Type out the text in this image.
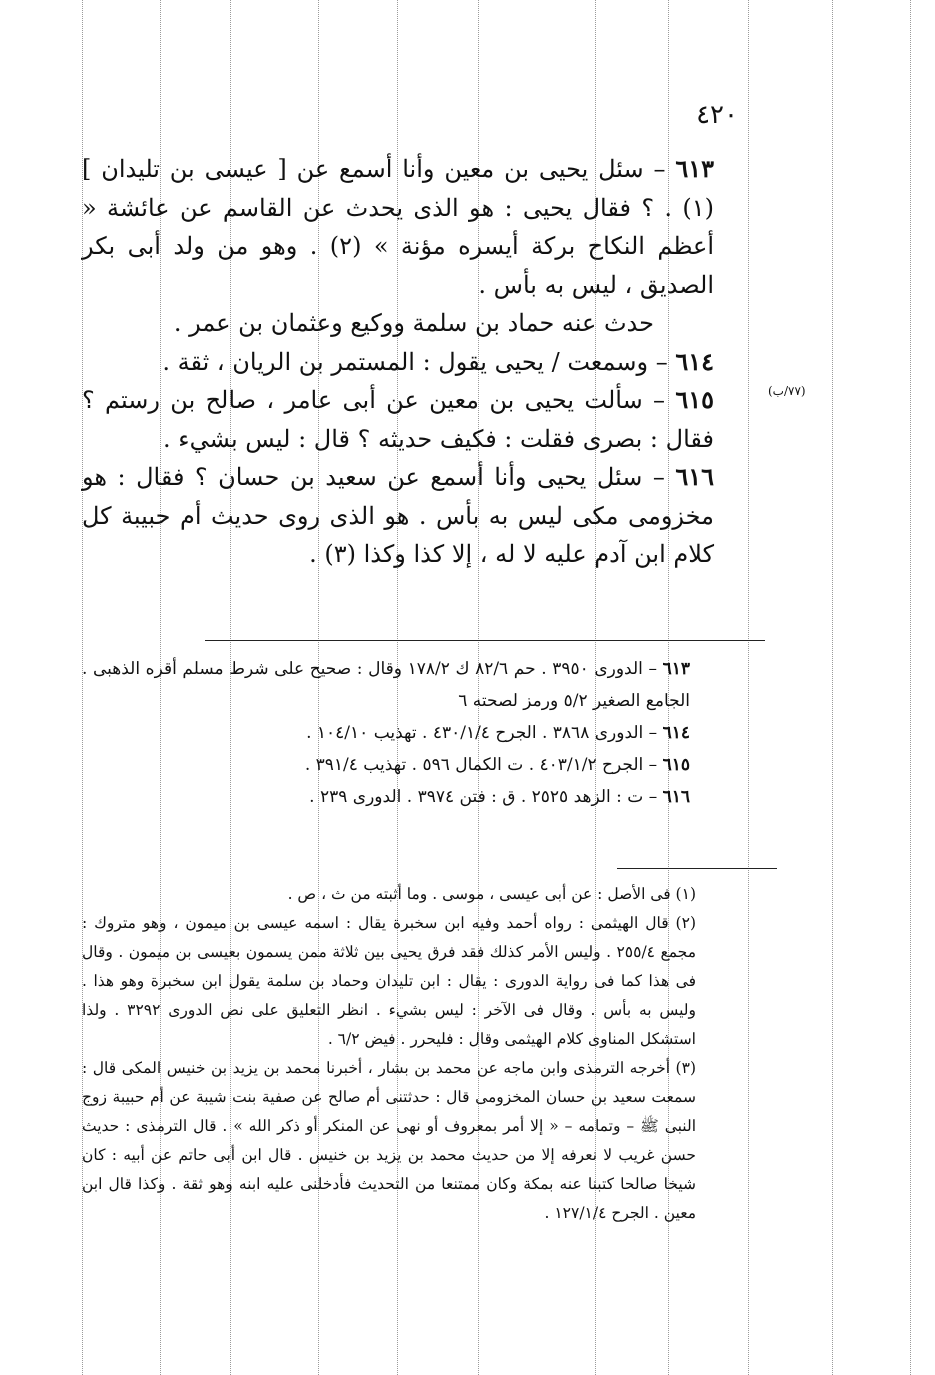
٤٢٠
(٧٧/ب)

٦١٣ – سئل يحيى بن معين وأنا أسمع عن [ عيسى بن تليدان ] (١) . ؟ فقال يحيى : هو الذى يحدث عن القاسم عن عائشة « أعظم النكاح بركة أيسره مؤنة » (٢) . وهو من ولد أبى بكر الصديق ، ليس به بأس .

حدث عنه حماد بن سلمة ووكيع وعثمان بن عمر .

٦١٤ – وسمعت / يحيى يقول : المستمر بن الريان ، ثقة .

٦١٥ – سألت يحيى بن معين عن أبى عامر ، صالح بن رستم ؟ فقال : بصرى فقلت : فكيف حديثه ؟ قال : ليس بشيء .

٦١٦ – سئل يحيى وأنا أسمع عن سعيد بن حسان ؟ فقال : هو مخزومى مكى ليس به بأس . هو الذى روى حديث أم حبيبة كل كلام ابن آدم عليه لا له ، إلا كذا وكذا (٣) .

٦١٣ – الدورى ٣٩٥٠ . حم ٨٢/٦ ك ١٧٨/٢ وقال : صحيح على شرط مسلم أقره الذهبى . الجامع الصغير ٥/٢ ورمز لصحته ٦

٦١٤ – الدورى ٣٨٦٨ . الجرح ٤٣٠/١/٤ . تهذيب ١٠٤/١٠ .

٦١٥ – الجرح ٤٠٣/١/٢ . ت الكمال ٥٩٦ . تهذيب ٣٩١/٤ .

٦١٦ – ت : الزهد ٢٥٢٥ . ق : فتن ٣٩٧٤ . الدورى ٢٣٩ .

(١) فى الأصل : عن أبى عيسى ، موسى . وما أثبته من ث ، ص .

(٢) قال الهيثمى : رواه أحمد وفيه ابن سخبرة يقال : اسمه عيسى بن ميمون ، وهو متروك : مجمع ٢٥٥/٤ . وليس الأمر كذلك فقد فرق يحيى بين ثلاثة ممن يسمون بعيسى بن ميمون . وقال فى هذا كما فى رواية الدورى : يقال : ابن تليدان وحماد بن سلمة يقول ابن سخبرة وهو هذا . وليس به بأس . وقال فى الآخر : ليس بشيء . انظر التعليق على نص الدورى ٣٢٩٢ . ولذا استشكل المناوى كلام الهيثمى وقال : فليحرر . فيض ٦/٢ .

(٣) أخرجه الترمذى وابن ماجه عن محمد بن بشار ، أخبرنا محمد بن يزيد بن خنيس المكى قال : سمعت سعيد بن حسان المخزومى قال : حدثتنى أم صالح عن صفية بنت شيبة عن أم حبيبة زوج النبى ﷺ – وتمامه – « إلا أمر بمعروف أو نهى عن المنكر أو ذكر الله » . قال الترمذى : حديث حسن غريب لا نعرفه إلا من حديث محمد بن يزيد بن خنيس . قال ابن أبى حاتم عن أبيه : كان شيخا صالحا كتبنا عنه بمكة وكان ممتنعا من التحديث فأدخلنى عليه ابنه وهو ثقة . وكذا قال ابن معين . الجرح ١٢٧/١/٤ .
